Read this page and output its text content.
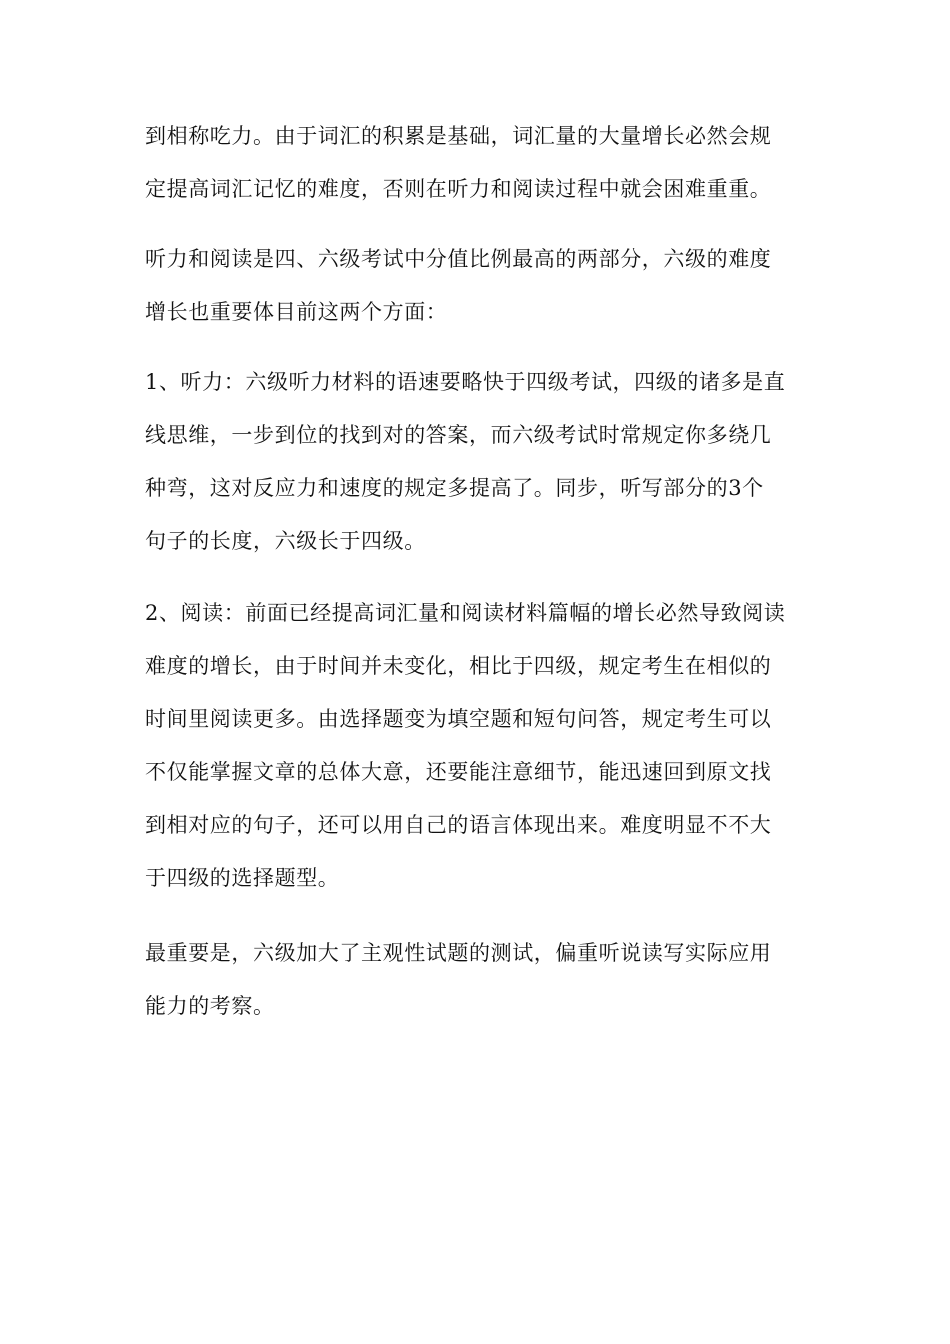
到相称吃力。由于词汇的积累是基础，词汇量的大量增长必然会规
定提高词汇记忆的难度，否则在听力和阅读过程中就会困难重重。
听力和阅读是四、六级考试中分值比例最高的两部分，六级的难度
增长也重要体目前这两个方面：
1、听力：六级听力材料的语速要略快于四级考试，四级的诸多是直
线思维，一步到位的找到对的答案，而六级考试时常规定你多绕几
种弯，这对反应力和速度的规定多提高了。同步，听写部分的3个
句子的长度，六级长于四级。
2、阅读：前面已经提高词汇量和阅读材料篇幅的增长必然导致阅读
难度的增长，由于时间并未变化，相比于四级，规定考生在相似的
时间里阅读更多。由选择题变为填空题和短句问答，规定考生可以
不仅能掌握文章的总体大意，还要能注意细节，能迅速回到原文找
到相对应的句子，还可以用自己的语言体现出来。难度明显不不大
于四级的选择题型。
最重要是，六级加大了主观性试题的测试，偏重听说读写实际应用
能力的考察。
